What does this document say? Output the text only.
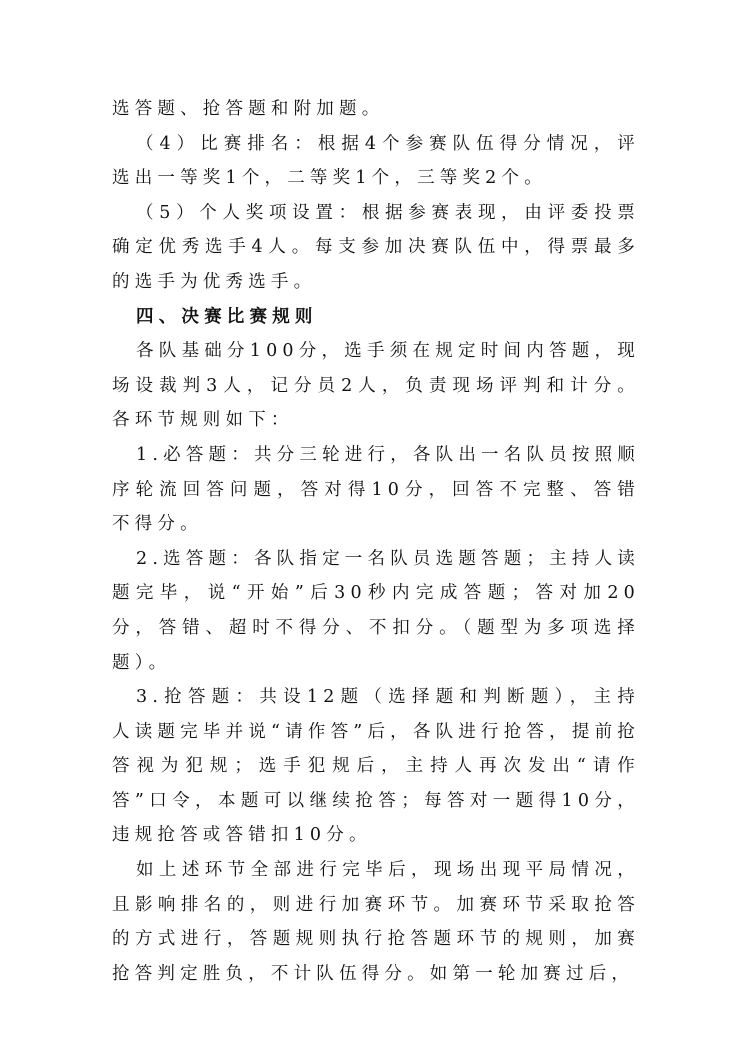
选答题、抢答题和附加题。

（4）比赛排名：根据4个参赛队伍得分情况，评选出一等奖1个，二等奖1个，三等奖2个。

（5）个人奖项设置：根据参赛表现，由评委投票确定优秀选手4人。每支参加决赛队伍中，得票最多的选手为优秀选手。

四、决赛比赛规则

各队基础分100分，选手须在规定时间内答题，现场设裁判3人，记分员2人，负责现场评判和计分。各环节规则如下：

1.必答题：共分三轮进行，各队出一名队员按照顺序轮流回答问题，答对得10分，回答不完整、答错不得分。

2.选答题：各队指定一名队员选题答题；主持人读题完毕，说“开始”后30秒内完成答题；答对加20分，答错、超时不得分、不扣分。（题型为多项选择题）。

3.抢答题：共设12题（选择题和判断题），主持人读题完毕并说“请作答”后，各队进行抢答，提前抢答视为犯规；选手犯规后，主持人再次发出“请作答”口令，本题可以继续抢答；每答对一题得10分，违规抢答或答错扣10分。

如上述环节全部进行完毕后，现场出现平局情况，且影响排名的，则进行加赛环节。加赛环节采取抢答的方式进行，答题规则执行抢答题环节的规则，加赛抢答判定胜负，不计队伍得分。如第一轮加赛过后，
